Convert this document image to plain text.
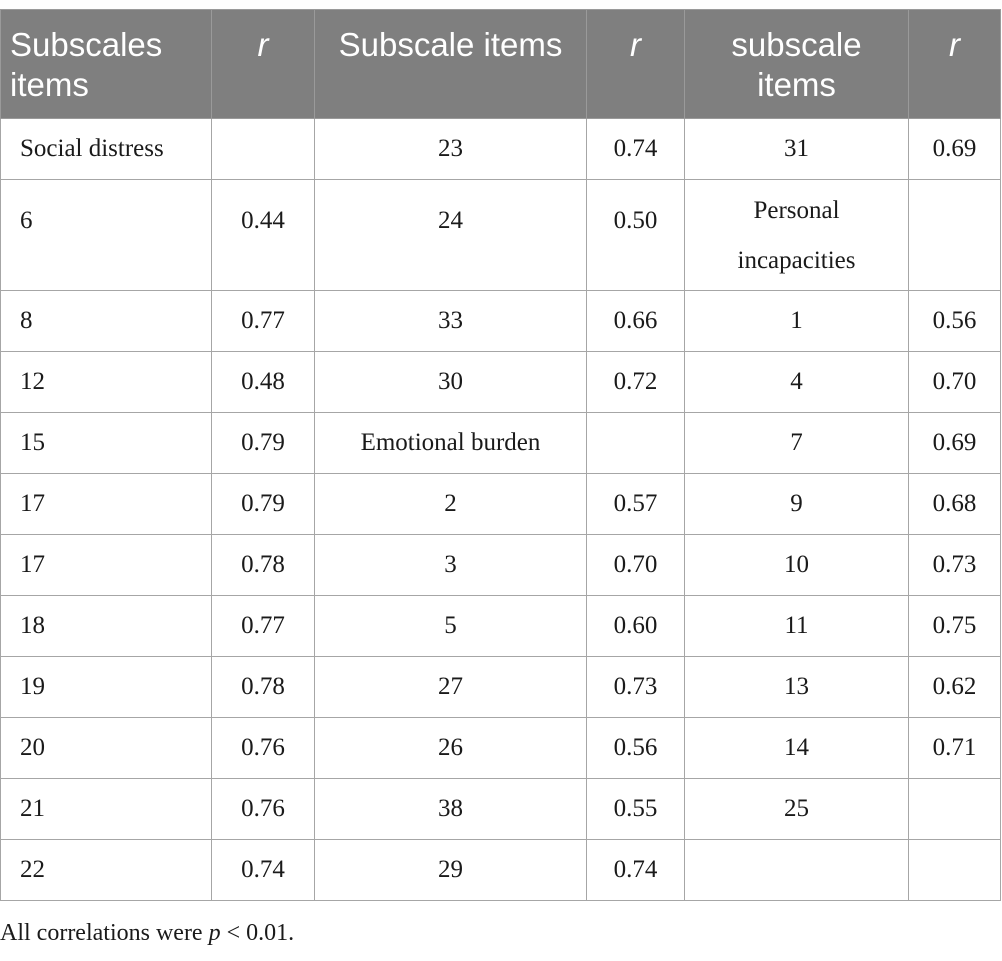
Subscales items	r	Subscale items	r	subscale items	r
Social distress		23	0.74	31	0.69
6	0.44	24	0.50	Personal incapacities	
8	0.77	33	0.66	1	0.56
12	0.48	30	0.72	4	0.70
15	0.79	Emotional burden		7	0.69
17	0.79	2	0.57	9	0.68
17	0.78	3	0.70	10	0.73
18	0.77	5	0.60	11	0.75
19	0.78	27	0.73	13	0.62
20	0.76	26	0.56	14	0.71
21	0.76	38	0.55	25	
22	0.74	29	0.74		
All correlations were p < 0.01.
